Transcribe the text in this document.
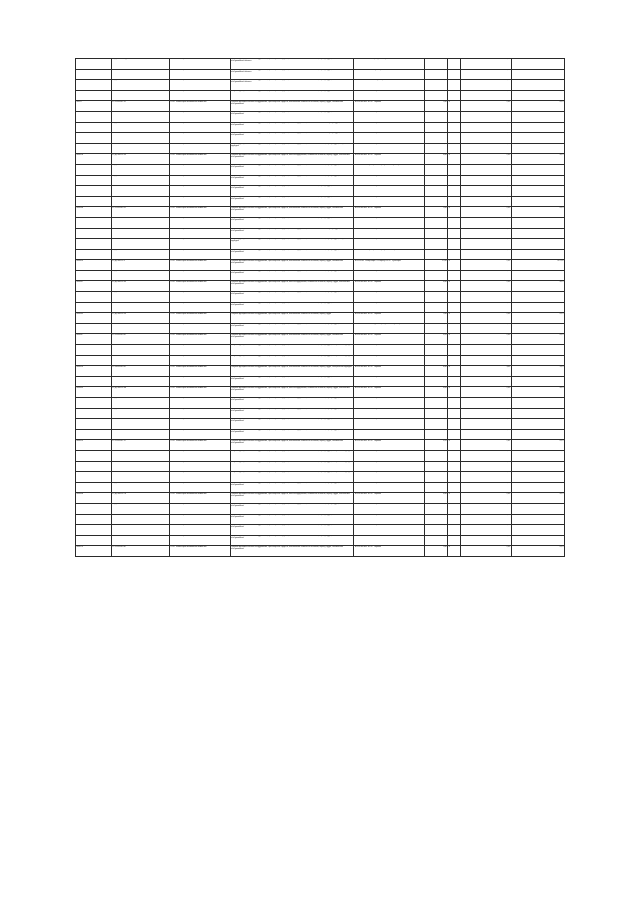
00002	27-ДР-6-01/21-ДЭ	ООО "Инженерно-техническая компания"	Закупка функционального оборудования, транспортных средств, обеспечение безопасности жизни, охрану труда, техническое обслуживание объекта	ВЛ-10 кВ №0349 в сторону ТП "Строитель"	1 120,4		2,35	22,16
00234	17-21-04-01/ 2	ООО "Инженерно-техническая компания"	Закупка функционального оборудования, транспортных средств, обеспечение безопасности жизни, охрану труда, техническое обслуживание объекта	ВЛ-10 кВ №21 от ПС "Кузнецово"	21,00	4	2,95	52,95
00018	17-ДР-04-01/ 30	ООО "Инженерно-техническая компания"	Закупка функционального оборудования, транспортных средств, обеспечение безопасности жизни, охрану труда, техническое обслуживание объекта	ВЛ-10 кВ №0345 от ПС "Кузнецово"	11,00	4	2,95	52,95
00026	17-20-04/01/ 32	ООО "Инженерно-техническая компания"	Закупка функционального оборудования, транспортных средств, обеспечение безопасности жизни, охрану труда	ВЛ-10 кВ №11 от ПС "Яхрома"	7,00	4	2,95	0,15
00027	17-21-04-01/ 33	ООО "Инженерно-техническая компания"	Закупка функционального оборудования, транспортных средств, обеспечение безопасности жизни, охрану труда, техническое обслуживание	ВЛ-10 кВ №11 от ПС "Яхрома"	7,00	4	2,95	0,15
00029	17-21-04-01/ 34	ООО "Инженерно-техническая компания"	Закупка функционального оборудования, транспортных средств, обеспечение безопасности жизни, охрану труда, техническое обслуживание	ВЛ-10 кВ №11 от ПС "Яхрома"	2,00	4	2,95	0,15
10020	27-ДР-04-01/ 36	ООО "Инженерно-техническая компания"	Закупка функционального оборудования, транспортных средств, заказ оборудования, безопасности жизни и охрану труда, техническое обслуживание	ВЛ-10 кВ №11 от ПС "Яхрома"	2,95	4	2,95	0,15
10020/	17-21-04-01/ 37	ООО "Инженерно-техническая компания"	Закупка функционального оборудования, транспортных средств, заказ оборудования, безопасности жизни и охрану труда, техническое обслуживание	ВЛ-10 кВ №11 от ПС "Яхрома"	2,95	4	2,95	0,15
100020	17-20-04-01/ 38	ООО "Инженерно-техническая компания"	Закупка функционального оборудования, транспортных средств, заказ оборудования, безопасности жизни, охрану труда, специальной одеждой	ВЛ-10 кВ №11 от ПС "Яхрома"	3,00	4	3,95	5,15
000028	27-ДР-04-01/ 39	ООО "Инженерно-техническая компания"	Закупка функционального оборудования, транспортных средств, заказ оборудования, безопасности жизни, охрану труда, техническое обслуживание	ВЛ-10 кВ №11 от ПС "Яхрома"	5,00	4	2,95	6,15
000004	27-ДР-04-01/ 4	ООО "Инженерно-техническая компания"	Закупка функционального оборудования, транспортных средств, заказ оборудования, безопасности жизни, охрану труда, техническое обслуживание	ВЛ-110 кВ "Север-Вира" в сторону на ПС "Кучебары"	27,00	4	2,95	627,16
000030	27-ДР-04-01/ 40	ООО "Инженерно-техническая компания"	Закупка функционального оборудования, транспортных средств, заказ оборудования, безопасности жизни, охрану труда, техническое обслуживание	ВЛ-10 кВ №11 от ПС "Яхрома"	5,00	4	2,95	6,15
000044	17-21-04-01/ 45	ООО "Инженерно-техническая компания"	Закупка функционального оборудования, транспортных средств, обеспечение безопасности жизни, охрану труда, техническое обслуживание	ВЛ-10 кВ №11 от ПС "Яхрома"	7,00	4	2,95	0,15
000037	17-21-04-01/ 42	ООО "Инженерно-техническая компания"	Закупка функционального оборудования, транспортных средств, обеспечение безопасности жизни, охрану труда, техническое обслуживание	ВЛ-10 кВ №11 от ПС "Яхрома"	7,00	4	2,95	0,15
000038	17-21-04-01/ 43	ООО "Инженерно-техническая компания"	Закупка функционального оборудования, транспортных средств, обеспечение безопасности жизни, охрану труда, техническое обслуживание	ВЛ-10 кВ №11 от ПС "Яхрома"	7,00	4	2,95	0,15
000033	17-21-04-01/ 44	ООО "Инженерно-техническая компания"	Закупка функционального оборудования, транспортных средств, обеспечение безопасности жизни, охрану труда, техническое обслуживание	ВЛ-10 кВ №11 от ПС "Яхрома"	2,95	4	2,95	0,15
00004/	17-21-04-01/ 46	ООО "Инженерно-техническая компания"	Закупка функционального оборудования, транспортных средств, заказ оборудования, безопасности жизни и охрану труда, техническое обслуживание	ВЛ-10 кВ №11 от ПС "Яхрома"	2,95	4	2,95	0,15
000042	17-20-04-01/ 47	ООО "Инженерно-техническая компания"	Закупка функционального оборудования, транспортных средств, заказ оборудования, безопасности жизни, охрану труда, специальной одеждой	ВЛ-10 кВ №11 от ПС "Яхрома"	2,95	4	2,95	0,15
000040	27-ДР-04-01/ 48	ООО "Инженерно-техническая компания"	Закупка функционального оборудования, транспортных средств, заказ оборудования, безопасности жизни, охрану труда, техническое обслуживание	ВЛ-110 кВ "Север-Вира" в сторону на ПС "Яхрома"	3,00	4	3,95	5,15
000004	27-ДР-04-01/ 5	ООО "Инженерно-техническая компания"	Закупка функционального оборудования, транспортных средств, обеспечение безопасности жизни, охрану труда, техническое обслуживание	ВЛ-110 кВ "Север-Вира" в сторону на ПС "Кучебары"	27,00	4	2,95	627,16
000045	27-ДР-04-01/ 50	ООО "Инженерно-техническая компания"	Закупка функционального оборудования, транспортных средств, заказ оборудования, безопасности жизни, охрану труда, техническое обслуживание	ВЛ-10 кВ №11 от ПС "Яхрома"	5,00	4	2,95	6,15
000047	27-ДР-04-01/ 49	ООО "Инженерно-техническая компания"	Закупка функционального оборудования, транспортных средств, заказ оборудования, безопасности жизни, охрану труда, техническое обслуживание	ВЛ-10 кВ №11 от ПС "Яхрома"	5,00	4	2,95	6,15
000047	27-ДР-04-01/ 50	ООО "Инженерно-техническая компания"	Закупка функционального оборудования, транспортных средств, заказ оборудования, безопасности жизни, охрану труда, техническое обслуживание	ВЛ-10 кВ №11 от ПС "Яхрома"	5,00	4	2,95	6,15
000043	17-21-04-01/ 56	ООО "Инженерно-техническая компания"	Закупка функционального оборудования, транспортных средств, обеспечение безопасности жизни, охрану труда, техническое обслуживание	ВЛ-10 кВ №11 от ПС "Яхрома"	7,00	4	2,95	0,15
000045	27-ДР-04-01/ 59	ООО "Инженерно-техническая компания"	Закупка функционального оборудования, транспортных средств, обеспечение безопасности жизни, охрану труда	ВЛ-10 кВ №11 от ПС "Яхрома"	7,00	4	2,95	0,15
000092	17-21-04-01/ 6	ООО "Инженерно-техническая компания"	Закупка функционального оборудования, транспортных средств, заказ оборудования, безопасности жизни, охрану труда, техническое обслуживание	ВЛ-110 кВ "Юбил-Завод" в сторону на ПС "Кучебары"	54,00	4	2,95	754,97
00004/	17-21-04-01/ 60	ООО "Инженерно-техническая компания"	Закупка функционального оборудования, транспортных средств, обеспечение безопасности жизни, охрану труда, техническое обслуживание	ВЛ-10 кВ №11 от ПС "Яхрома"	2,95	4	2,95	0,15
000047	17-21-04-01/ 57	ООО "Инженерно-техническая компания"	Закупка функционального оборудования, транспортных средств, обеспечение безопасности жизни, охрану труда, специальной одеждой	ВЛ-10 кВ №11 от ПС "Яхрома"	2,95	4	2,95	0,15
000063	27-20-04-01/ 62	ООО "Инженерно-техническая компания"	Закупка функционального оборудования, транспортных средств, обеспечение безопасности жизни, охрану труда, специальной одеждой	ВЛ-10 кВ №11 от ПС "Яхрома"	3,00	4	3,95	5,15
000054	17-20-04-01/ 64	ООО "Инженерно-техническая компания"	Закупка функционального оборудования, транспортных средств, обеспечение безопасности жизни, охрану труда, специальной одеждой	ВЛ-10 кВ №11 от ПС "Яхрома"	3,00	4	3,95	5,15
000050	17-20-04-01/ 66	ООО "Инженерно-техническая компания"	Закупка функционального оборудования, транспортных средств, обеспечение безопасности жизни, охрану труда, техническое обслуживание	ВЛ-10 кВ №11 от ПС "Яхрома"	3,00	4	3,95	5,15
000063	27-ДР-04-01/ 68	ООО "Инженерно-техническая компания"	Закупка функционального оборудования, транспортных средств, заказ оборудования, безопасности жизни, охрану труда, техническое обслуживание	ВЛ-10 кВ №11 от ПС "Яхрома"	5,00	4	2,95	6,15
000057	27-ДР-04-01/ 69	ООО "Инженерно-техническая компания"	Закупка функционального оборудования, транспортных средств, заказ оборудования, безопасности жизни, охрану труда, техническое обслуживание	ВЛ-10 кВ №11 от ПС "Яхрома"	5,00	4	2,95	6,15
000056	27-ДР-04-01/ 68	ООО "Инженерно-техническая компания"	Закупка функционального оборудования, транспортных средств, заказ оборудования, безопасности жизни, охрану труда, техническое обслуживание	ВЛ-10 кВ №11 от ПС "Яхрома"	5,00	4	2,95	6,15
000060	17-21-04-01/ 60	ООО "Инженерно-техническая компания"	Закупка функционального оборудования, транспортных средств, обеспечение безопасности жизни, охрану труда, техническое обслуживание	ВЛ-10 кВ №11 от ПС "Яхрома"	7,00	4	2,95	0,15
00006/	17-21-04-01/ 7	ООО "Инженерно-техническая компания"	Закупка функционального оборудования, транспортных средств, заказ оборудования, безопасности жизни, охрану труда, техническое обслуживание	ВЛ-10 кВ №0245	41,00	4	2,95	52,94
000059	17-21-04-01/ 70	ООО "Инженерно-техническая компания"	Закупка функционального оборудования, транспортных средств, обеспечение безопасности жизни, охрану труда, техническое обслуживание	ВЛ-10 кВ №11 от ПС "Яхрома"	2,95	4	2,42	0,15
000064	17-20-04-01/ 71	ООО "Инженерно-техническая компания"	Закупка функционального оборудования, транспортных средств, обеспечение безопасности жизни, охрану труда, специальной одеждой	ВЛ-10 кВ №11 от ПС "Яхрома"	0,95	4	2,95	2,91
000065	27-20-04-01/ 72	ООО "Инженерно-техническая компания"	Закупка функционального оборудования, транспортных средств, обеспечение безопасности жизни, охрану труда, специальной одеждой	ВЛ-10 кВ №11 от ПС "Яхрома"	3,00	4	3,95	5,15
000066	27-20-04-01/ 74	ООО "Инженерно-техническая компания"	Закупка функционального оборудования, транспортных средств, обеспечение безопасности жизни, охрану труда, специальной одеждой	ВЛ-10 кВ №11 от ПС "Яхрома"	3,00	4	3,95	5,15
000067	27-ДР-04-01/ 75	ООО "Инженерно-техническая компания"	Закупка функционального оборудования, транспортных средств, заказ оборудования, безопасности жизни, охрану труда, техническое обслуживание	ВЛ-10 кВ №11 от ПС "Яхрома"	5,00	4	4,95	6,15
000068	27-ДР-04-01/ 76	ООО "Инженерно-техническая компания"	Закупка функционального оборудования, транспортных средств, заказ оборудования, безопасности жизни, охрану труда, техническое обслуживание	ВЛ-10 кВ №11 от ПС "Яхрома"	5,00	4	2,95	6,15
000063	27-ДР-04-01/ 77	ООО "Инженерно-техническая компания"	Закупка функционального оборудования, транспортных средств, заказ оборудования, безопасности жизни, охрану труда, техническое обслуживание	ВЛ-10 кВ №11 от ПС "Яхрома"	5,00	4	2,95	6,15
000070	17-21-04-01/ 78	ООО "Инженерно-техническая компания"	Закупка функционального оборудования, транспортных средств, обеспечение безопасности жизни, охрану труда, техническое обслуживание	ВЛ-10 кВ №11 от ПС "Яхрома"	7,00	4	2,95	0,15
00001/	17-21-04-01/ 79	ООО "Инженерно-техническая компания"	Закупка функционального оборудования, транспортных средств, обеспечение безопасности жизни, охрану труда, техническое обслуживание	ВЛ-10 кВ №11 от ПС "Яхрома"	7,00	4	2,95	0,15
000073	17-21-04-01/ 8	ООО "Инженерно-техническая компания"	Закупка функционального оборудования, транспортных средств, обеспечение безопасности жизни, охрану труда, техническое обслуживание	ВЛ-10 кВ №0146	51,00	4	2,95	+40,97
000073	17-21-04-01/ 80	ООО "Инженерно-техническая компания"	Закупка функционального оборудования, транспортных средств, обеспечение безопасности жизни, охрану труда, техническое обслуживание	ВЛ-10 кВ №11 от ПС "Яхрома"	7,00	4	2,95	0,15
